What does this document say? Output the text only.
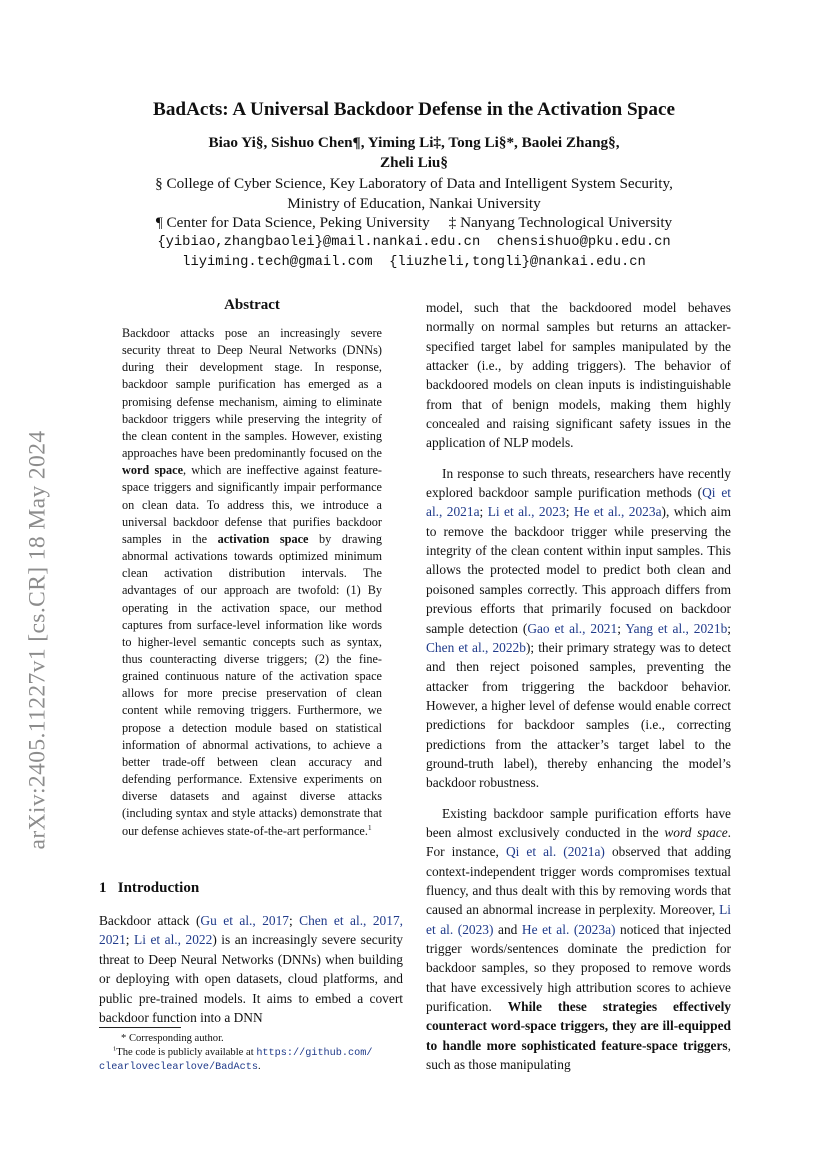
arXiv:2405.11227v1 [cs.CR] 18 May 2024
BadActs: A Universal Backdoor Defense in the Activation Space
Biao Yi§, Sishuo Chen¶, Yiming Li‡, Tong Li§*, Baolei Zhang§,
Zheli Liu§
§ College of Cyber Science, Key Laboratory of Data and Intelligent System Security,
Ministry of Education, Nankai University
¶ Center for Data Science, Peking University     ‡ Nanyang Technological University
{yibiao,zhangbaolei}@mail.nankai.edu.cn  chensishuo@pku.edu.cn
liyiming.tech@gmail.com  {liuzheli,tongli}@nankai.edu.cn
Abstract

Backdoor attacks pose an increasingly severe security threat to Deep Neural Networks (DNNs) during their development stage. In response, backdoor sample purification has emerged as a promising defense mechanism, aiming to eliminate backdoor triggers while preserving the integrity of the clean content in the samples. However, existing approaches have been predominantly focused on the word space, which are ineffective against feature-space triggers and significantly impair performance on clean data. To address this, we introduce a universal backdoor defense that purifies backdoor samples in the activation space by drawing abnormal activations towards optimized minimum clean activation distribution intervals. The advantages of our approach are twofold: (1) By operating in the activation space, our method captures from surface-level information like words to higher-level semantic concepts such as syntax, thus counteracting diverse triggers; (2) the fine-grained continuous nature of the activation space allows for more precise preservation of clean content while removing triggers. Furthermore, we propose a detection module based on statistical information of abnormal activations, to achieve a better trade-off between clean accuracy and defending performance. Extensive experiments on diverse datasets and against diverse attacks (including syntax and style attacks) demonstrate that our defense achieves state-of-the-art performance.$^1$

1   Introduction

Backdoor attack (Gu et al., 2017; Chen et al., 2017, 2021; Li et al., 2022) is an increasingly severe security threat to Deep Neural Networks (DNNs) when building or deploying with open datasets, cloud platforms, and public pre-trained models. It aims to embed a covert backdoor function into a DNN

* Corresponding author.
$^1$The code is publicly available at https://github.com/
clearloveclearlove/BadActs.

model, such that the backdoored model behaves normally on normal samples but returns an attacker-specified target label for samples manipulated by the attacker (i.e., by adding triggers). The behavior of backdoored models on clean inputs is indistinguishable from that of benign models, making them highly concealed and raising significant safety issues in the application of NLP models.

In response to such threats, researchers have recently explored backdoor sample purification methods (Qi et al., 2021a; Li et al., 2023; He et al., 2023a), which aim to remove the backdoor trigger while preserving the integrity of the clean content within input samples. This allows the protected model to predict both clean and poisoned samples correctly. This approach differs from previous efforts that primarily focused on backdoor sample detection (Gao et al., 2021; Yang et al., 2021b; Chen et al., 2022b); their primary strategy was to detect and then reject poisoned samples, preventing the attacker from triggering the backdoor behavior. However, a higher level of defense would enable correct predictions for backdoor samples (i.e., correcting predictions from the attacker’s target label to the ground-truth label), thereby enhancing the model’s backdoor robustness.

Existing backdoor sample purification efforts have been almost exclusively conducted in the word space. For instance, Qi et al. (2021a) observed that adding context-independent trigger words compromises textual fluency, and thus dealt with this by removing words that caused an abnormal increase in perplexity. Moreover, Li et al. (2023) and He et al. (2023a) noticed that injected trigger words/sentences dominate the prediction for backdoor samples, so they proposed to remove words that have excessively high attribution scores to achieve purification. While these strategies effectively counteract word-space triggers, they are ill-equipped to handle more sophisticated feature-space triggers, such as those manipulating
